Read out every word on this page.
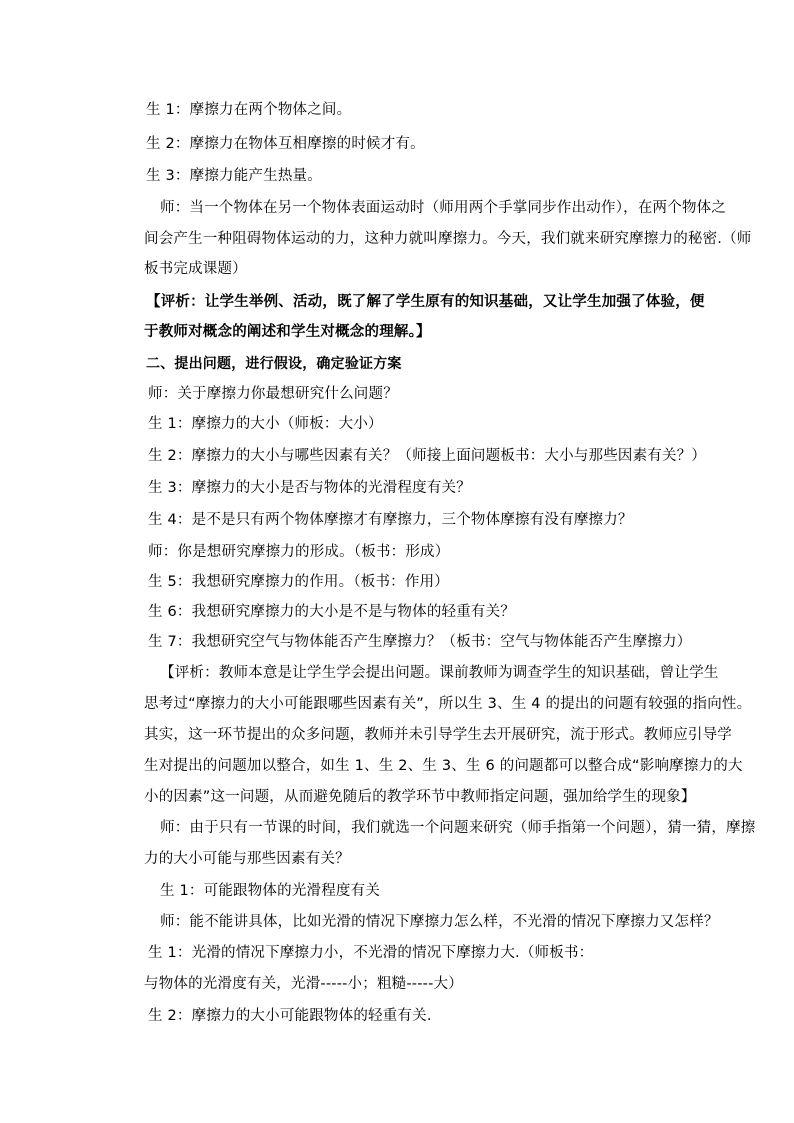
生 1：摩擦力在两个物体之间。
生 2：摩擦力在物体互相摩擦的时候才有。
生 3：摩擦力能产生热量。
师：当一个物体在另一个物体表面运动时（师用两个手掌同步作出动作），在两个物体之
间会产生一种阻碍物体运动的力，这种力就叫摩擦力。今天，我们就来研究摩擦力的秘密.（师
板书完成课题）
【评析：让学生举例、活动，既了解了学生原有的知识基础，又让学生加强了体验，便
于教师对概念的阐述和学生对概念的理解。】
二、提出问题，进行假设，确定验证方案
师：关于摩擦力你最想研究什么问题？
生 1：摩擦力的大小（师板：大小）
生 2：摩擦力的大小与哪些因素有关？（师接上面问题板书：大小与那些因素有关？）
生 3：摩擦力的大小是否与物体的光滑程度有关？
生 4：是不是只有两个物体摩擦才有摩擦力，三个物体摩擦有没有摩擦力？
师：你是想研究摩擦力的形成。（板书：形成）
生 5：我想研究摩擦力的作用。（板书：作用）
生 6：我想研究摩擦力的大小是不是与物体的轻重有关？
生 7：我想研究空气与物体能否产生摩擦力？（板书：空气与物体能否产生摩擦力）
【评析：教师本意是让学生学会提出问题。课前教师为调查学生的知识基础，曾让学生
思考过“摩擦力的大小可能跟哪些因素有关”，所以生 3、生 4 的提出的问题有较强的指向性。
其实，这一环节提出的众多问题，教师并未引导学生去开展研究，流于形式。教师应引导学
生对提出的问题加以整合，如生 1、生 2、生 3、生 6 的问题都可以整合成“影响摩擦力的大
小的因素”这一问题，从而避免随后的教学环节中教师指定问题，强加给学生的现象】
师：由于只有一节课的时间，我们就选一个问题来研究（师手指第一个问题），猜一猜，摩擦
力的大小可能与那些因素有关？
生 1：可能跟物体的光滑程度有关
师：能不能讲具体，比如光滑的情况下摩擦力怎么样，不光滑的情况下摩擦力又怎样？
生 1：光滑的情况下摩擦力小，不光滑的情况下摩擦力大.（师板书：
与物体的光滑度有关，光滑-----小；粗糙-----大）
生 2：摩擦力的大小可能跟物体的轻重有关.
